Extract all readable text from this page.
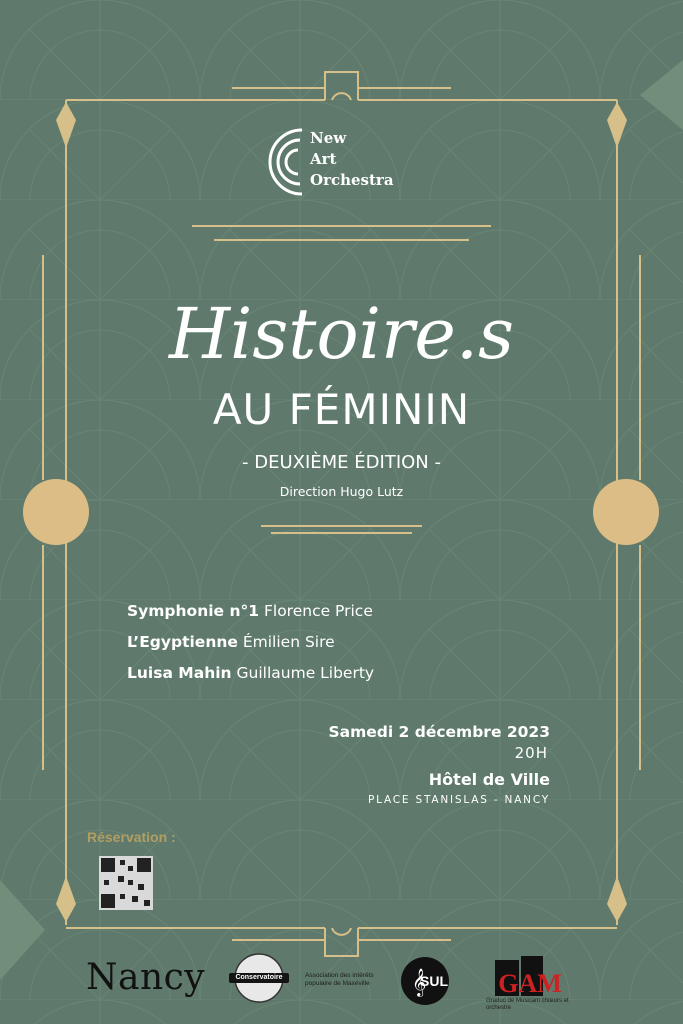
SUL
𝄞	GAM
New
Art
Orchestra
Histoire.s
AU FÉMININ
- DEUXIÈME ÉDITION -
Direction Hugo Lutz
Symphonie n°1 Florence Price
L’Egyptienne Émilien Sire
Luisa Mahin Guillaume Liberty
Samedi 2 décembre 2023
20H
Hôtel de Ville
PLACE STANISLAS - NANCY
Réservation :
Nancy	Conservatoire	Association des intérêts populaire de Maxéville
Graduo de Musicam chœurs et orchestre
